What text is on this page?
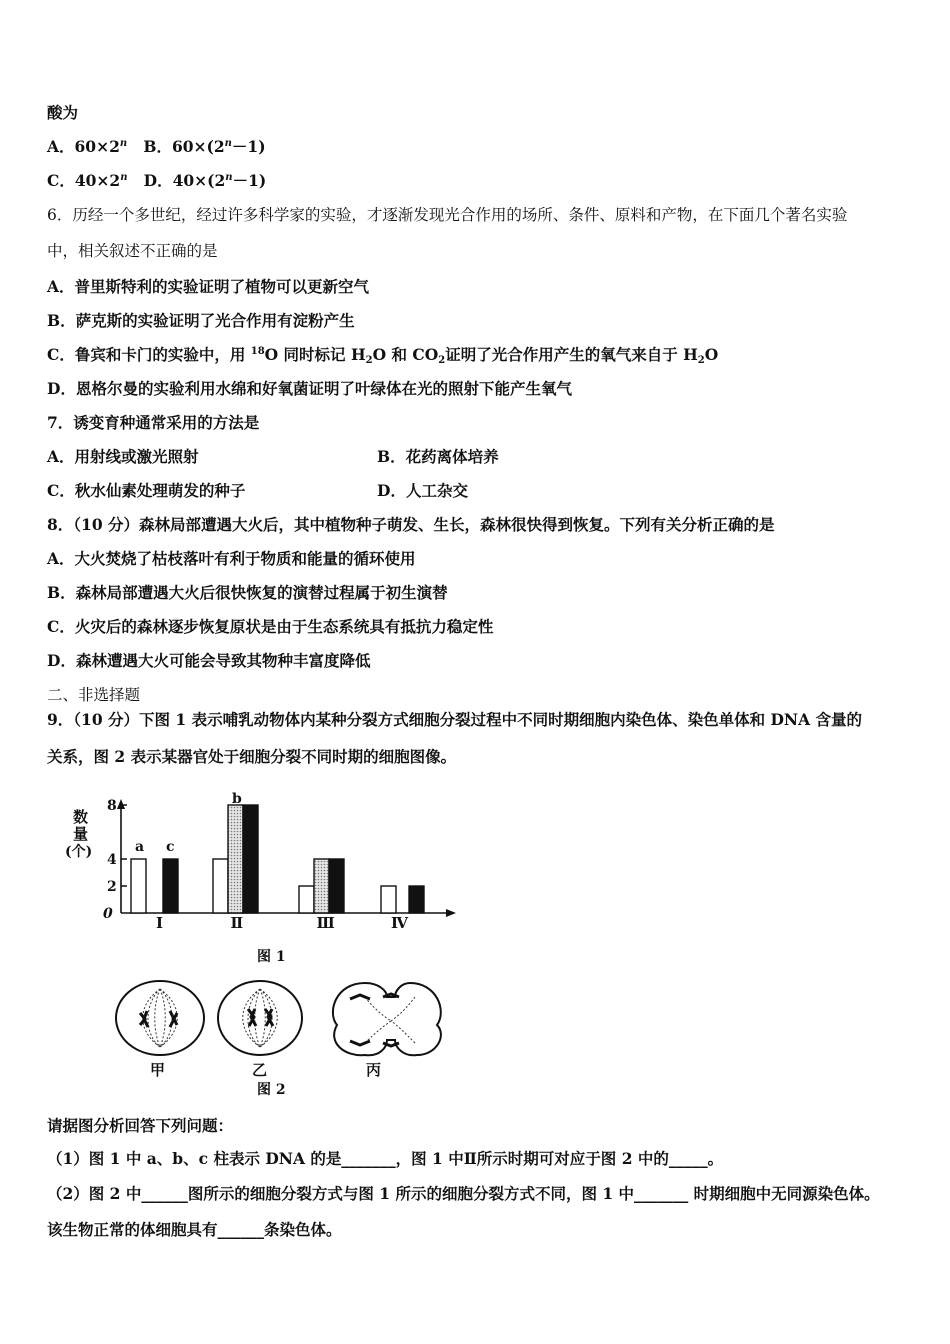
酸为
A．$60\times 2^n$ B．$60\times(2^n-1)$
C．$40\times 2^n$ D．$40\times(2^n-1)$
6．历经一个多世纪，经过许多科学家的实验，才逐渐发现光合作用的场所、条件、原料和产物，在下面几个著名实验
中，相关叙述不正确的是
A．普里斯特利的实验证明了植物可以更新空气
B．萨克斯的实验证明了光合作用有淀粉产生
C．鲁宾和卡门的实验中，用 $^{18}$O 同时标记 $H_2O$ 和 $CO_2$证明了光合作用产生的氧气来自于 $H_2O$
D．恩格尔曼的实验利用水绵和好氧菌证明了叶绿体在光的照射下能产生氧气
7．诱变育种通常采用的方法是
A．用射线或激光照射	B．花药离体培养
C．秋水仙素处理萌发的种子	D．人工杂交
8．（10 分）森林局部遭遇大火后，其中植物种子萌发、生长，森林很快得到恢复。下列有关分析正确的是
A．大火焚烧了枯枝落叶有利于物质和能量的循环使用
B．森林局部遭遇大火后很快恢复的演替过程属于初生演替
C．火灾后的森林逐步恢复原状是由于生态系统具有抵抗力稳定性
D．森林遭遇大火可能会导致其物种丰富度降低
二、非选择题
9．（10 分）下图 1 表示哺乳动物体内某种分裂方式细胞分裂过程中不同时期细胞内染色体、染色单体和 DNA 含量的
关系，图 2 表示某器官处于细胞分裂不同时期的细胞图像。
数
量
(个)
0
2
4
8
Ⅰ	Ⅱ	Ⅲ	Ⅳ
a
b
c
图 1
甲	乙	丙
图 2
请据图分析回答下列问题：
（1）图 1 中 a、b、c 柱表示 DNA 的是_______，图 1 中Ⅱ所示时期可对应于图 2 中的_____。
（2）图 2 中______图所示的细胞分裂方式与图 1 所示的细胞分裂方式不同，图 1 中_______ 时期细胞中无同源染色体。
该生物正常的体细胞具有______条染色体。
